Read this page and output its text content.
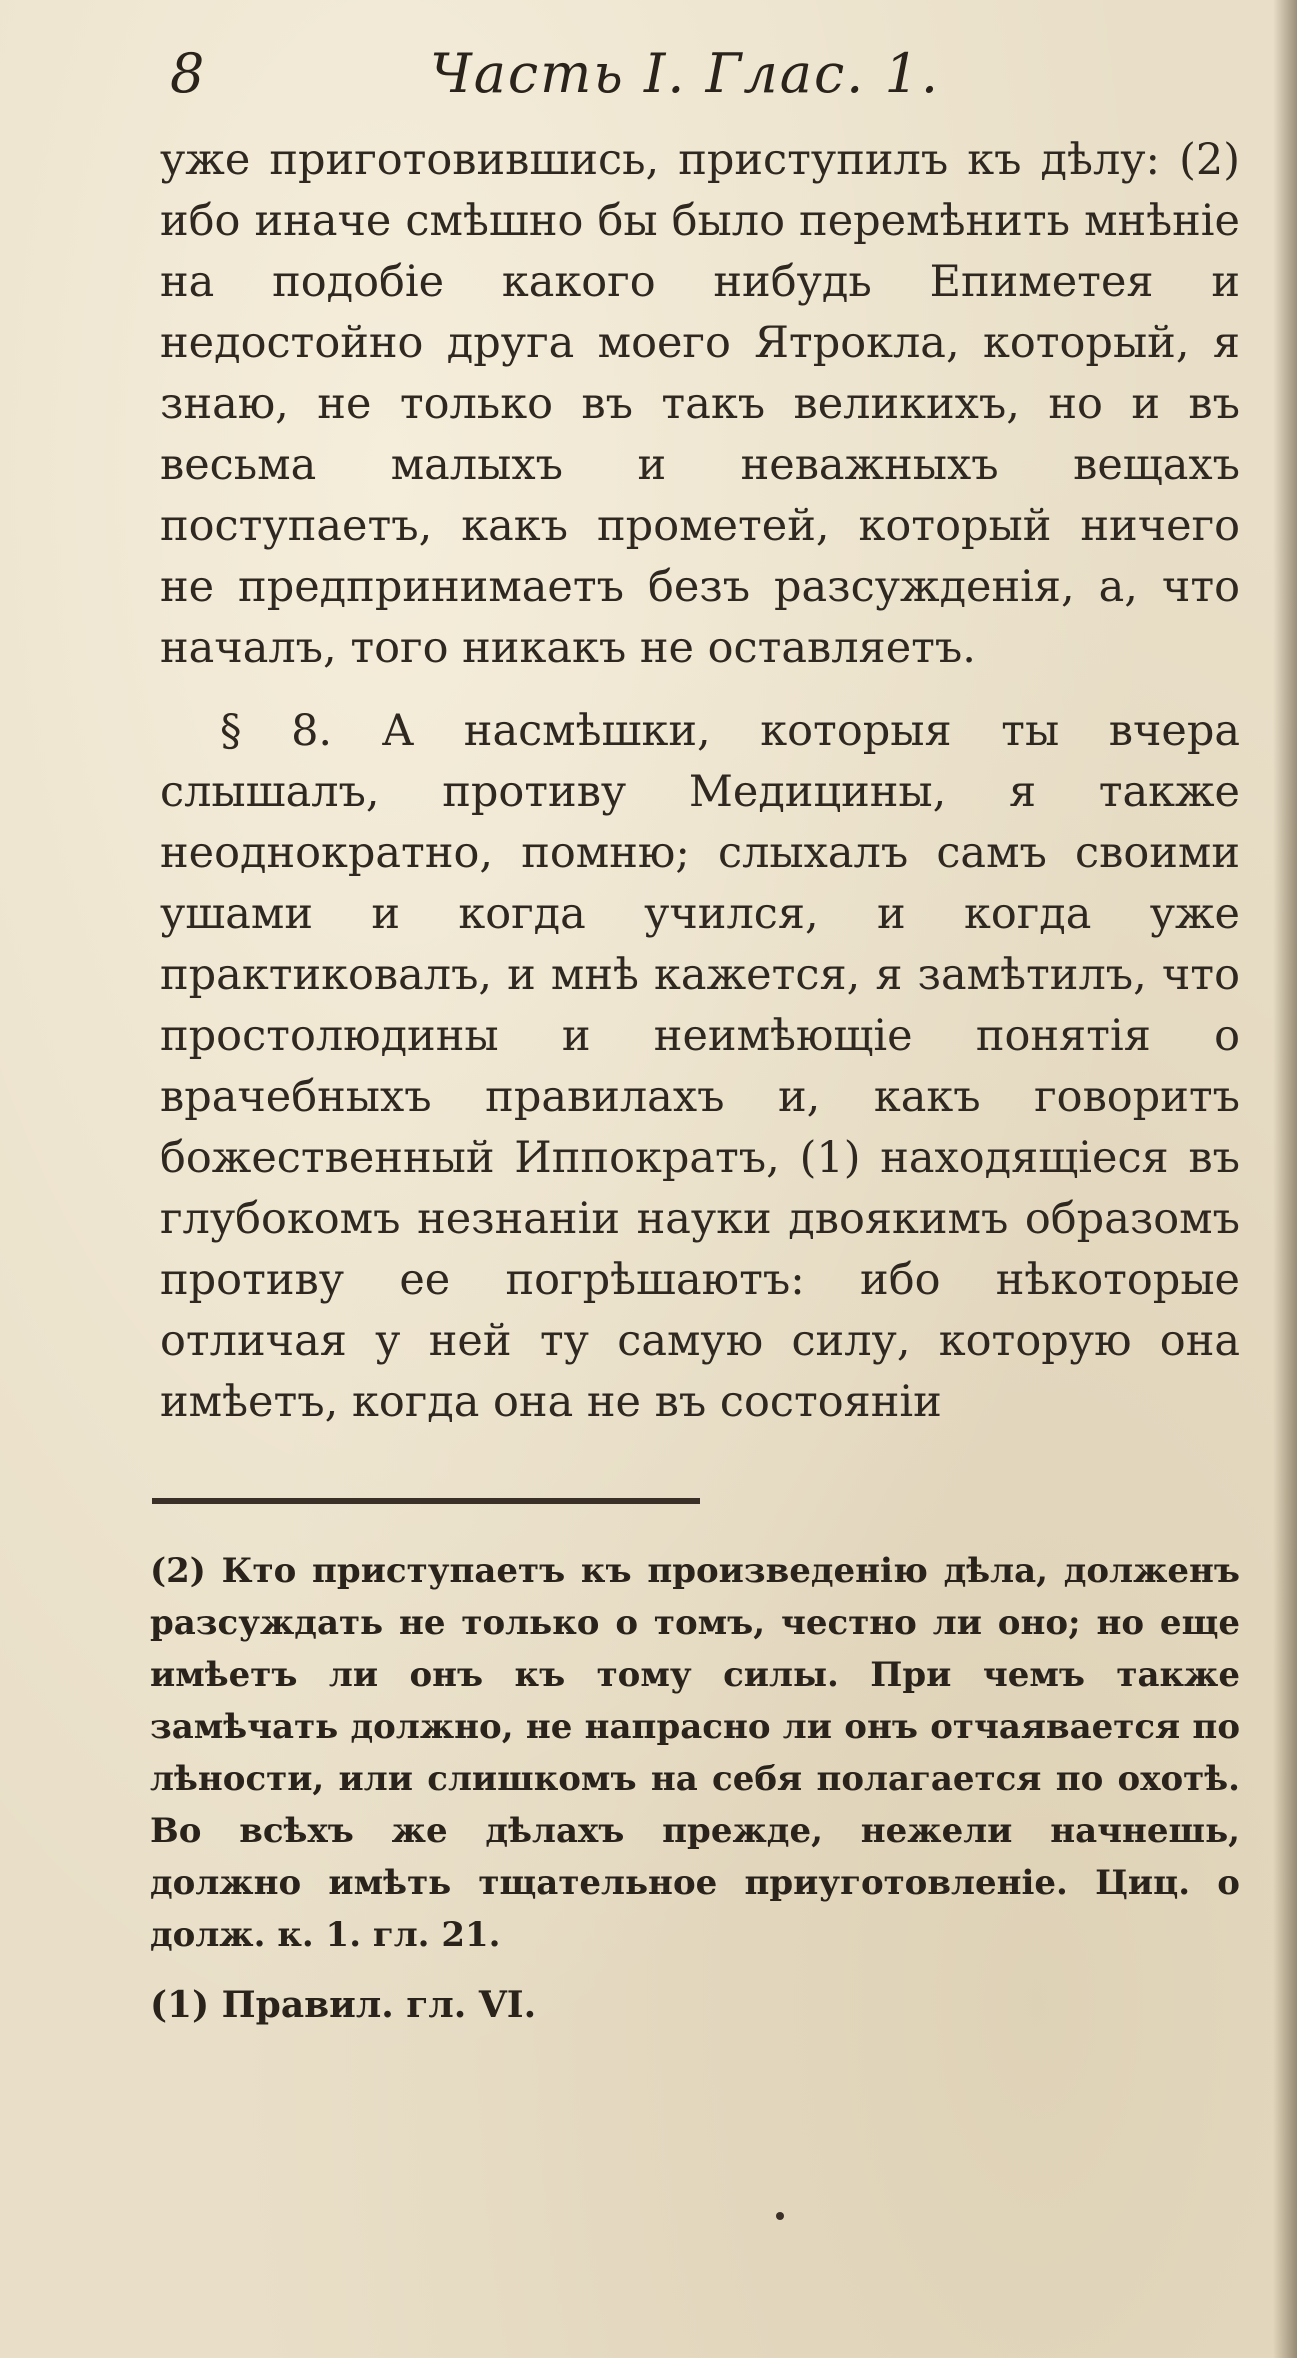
8	Часть I. Глас. 1.

уже приготовившись, приступилъ къ дѣлу: (2) ибо иначе смѣшно бы было перемѣнить мнѣніе на подобіе какого нибудь Епиметея и недостойно друга моего Ятрокла, который, я знаю, не только въ такъ великихъ, но и въ весьма малыхъ и неважныхъ вещахъ поступаетъ, какъ прометей, который ничего не предпринимаетъ безъ разсужденія, а, что началъ, того никакъ не оставляетъ.

§ 8. А насмѣшки, которыя ты вчера слышалъ, противу Медицины, я также неоднократно, помню; слыхалъ самъ своими ушами и когда учился, и когда уже практиковалъ, и мнѣ кажется, я замѣтилъ, что простолюдины и неимѣющіе понятія о врачебныхъ правилахъ и, какъ говоритъ божественный Иппократъ, (1) находящіеся въ глубокомъ незнаніи науки двоякимъ образомъ противу ее погрѣшаютъ: ибо нѣкоторые отличая у ней ту самую силу, которую она имѣетъ, когда она не въ состояніи

(2) Кто приступаетъ къ произведенію дѣла, долженъ разсуждать не только о томъ, честно ли оно; но еще имѣетъ ли онъ къ тому силы. При чемъ также замѣчать должно, не напрасно ли онъ отчаявается по лѣности, или слишкомъ на себя полагается по охотѣ. Во всѣхъ же дѣлахъ прежде, нежели начнешь, должно имѣть тщательное приуготовленіе. Циц. о долж. к. 1. гл. 21.

(1) Правил. гл. VI.
